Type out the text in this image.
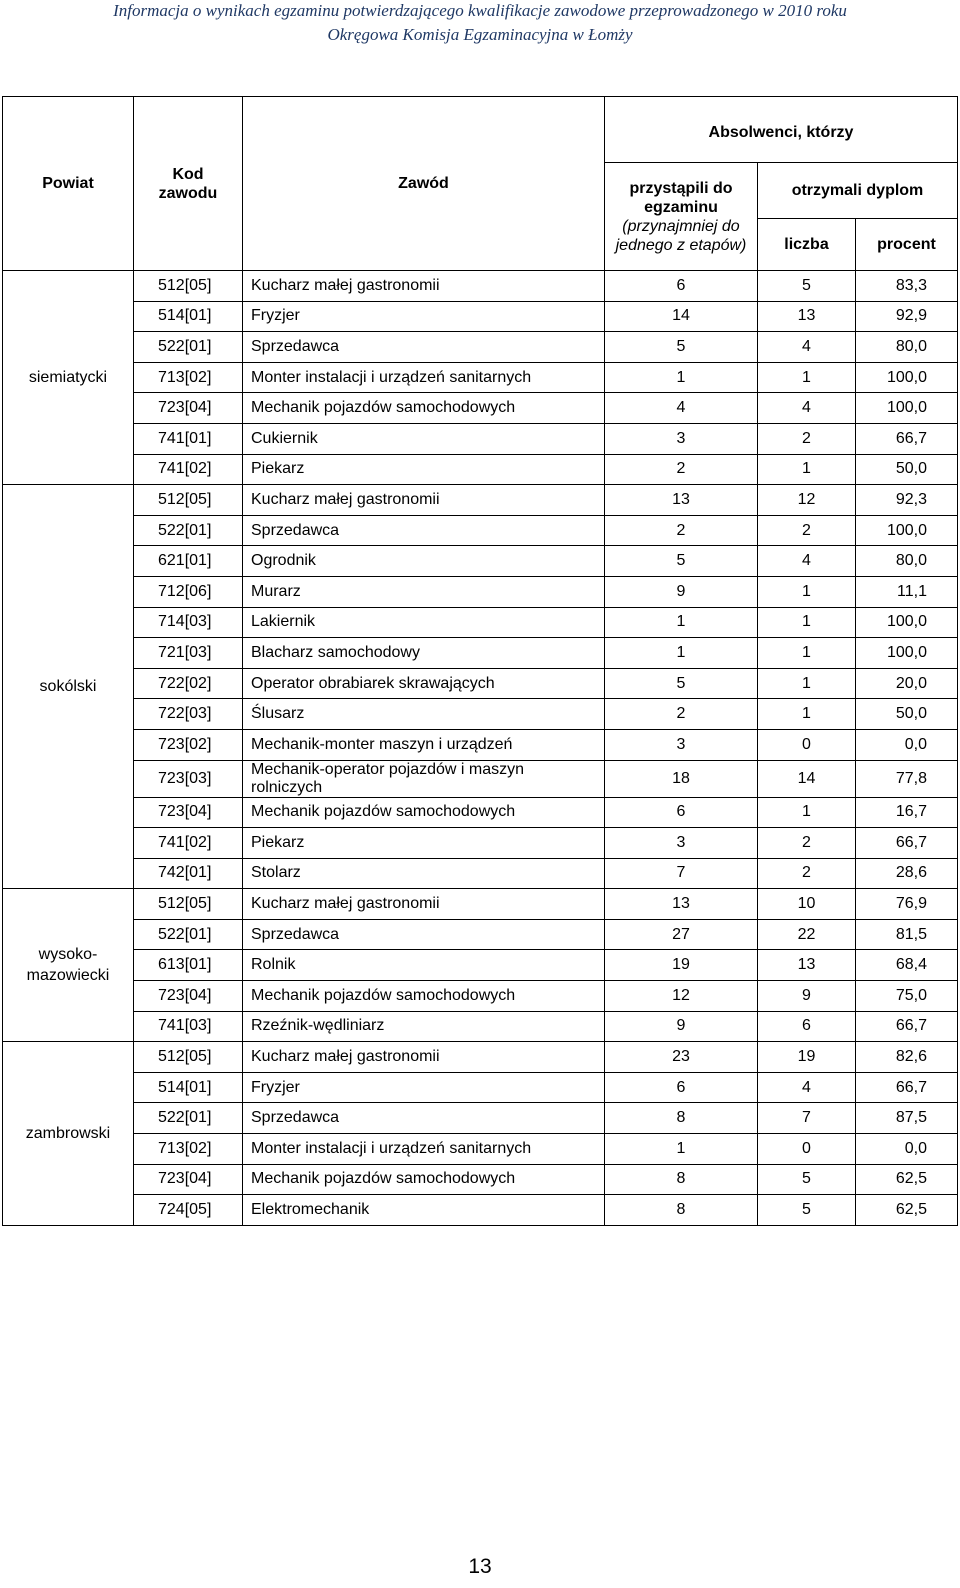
Informacja o wynikach egzaminu potwierdzającego kwalifikacje zawodowe przeprowadzonego w 2010 roku
Okręgowa Komisja Egzaminacyjna w Łomży
Powiat	Kod zawodu	Zawód	Absolwenci, którzy		

			przystąpili do egzaminu
(przynajmniej do jednego z etapów)	otrzymali dyplom	
				liczba	procent
siemiatycki	512[05]	Kucharz małej gastronomii	6	5	83,3
	514[01]	Fryzjer	14	13	92,9
	522[01]	Sprzedawca	5	4	80,0
	713[02]	Monter instalacji i urządzeń sanitarnych	1	1	100,0
	723[04]	Mechanik pojazdów samochodowych	4	4	100,0
	741[01]	Cukiernik	3	2	66,7
	741[02]	Piekarz	2	1	50,0
sokólski	512[05]	Kucharz małej gastronomii	13	12	92,3
	522[01]	Sprzedawca	2	2	100,0
	621[01]	Ogrodnik	5	4	80,0
	712[06]	Murarz	9	1	11,1
	714[03]	Lakiernik	1	1	100,0
	721[03]	Blacharz samochodowy	1	1	100,0
	722[02]	Operator obrabiarek skrawających	5	1	20,0
	722[03]	Ślusarz	2	1	50,0
	723[02]	Mechanik-monter maszyn i urządzeń	3	0	0,0
	723[03]	Mechanik-operator pojazdów i maszyn rolniczych	18	14	77,8
	723[04]	Mechanik pojazdów samochodowych	6	1	16,7
	741[02]	Piekarz	3	2	66,7
	742[01]	Stolarz	7	2	28,6
wysoko-mazowiecki	512[05]	Kucharz małej gastronomii	13	10	76,9
	522[01]	Sprzedawca	27	22	81,5
	613[01]	Rolnik	19	13	68,4
	723[04]	Mechanik pojazdów samochodowych	12	9	75,0
	741[03]	Rzeźnik-wędliniarz	9	6	66,7
zambrowski	512[05]	Kucharz małej gastronomii	23	19	82,6
	514[01]	Fryzjer	6	4	66,7
	522[01]	Sprzedawca	8	7	87,5
	713[02]	Monter instalacji i urządzeń sanitarnych	1	0	0,0
	723[04]	Mechanik pojazdów samochodowych	8	5	62,5
	724[05]	Elektromechanik	8	5	62,5
13
